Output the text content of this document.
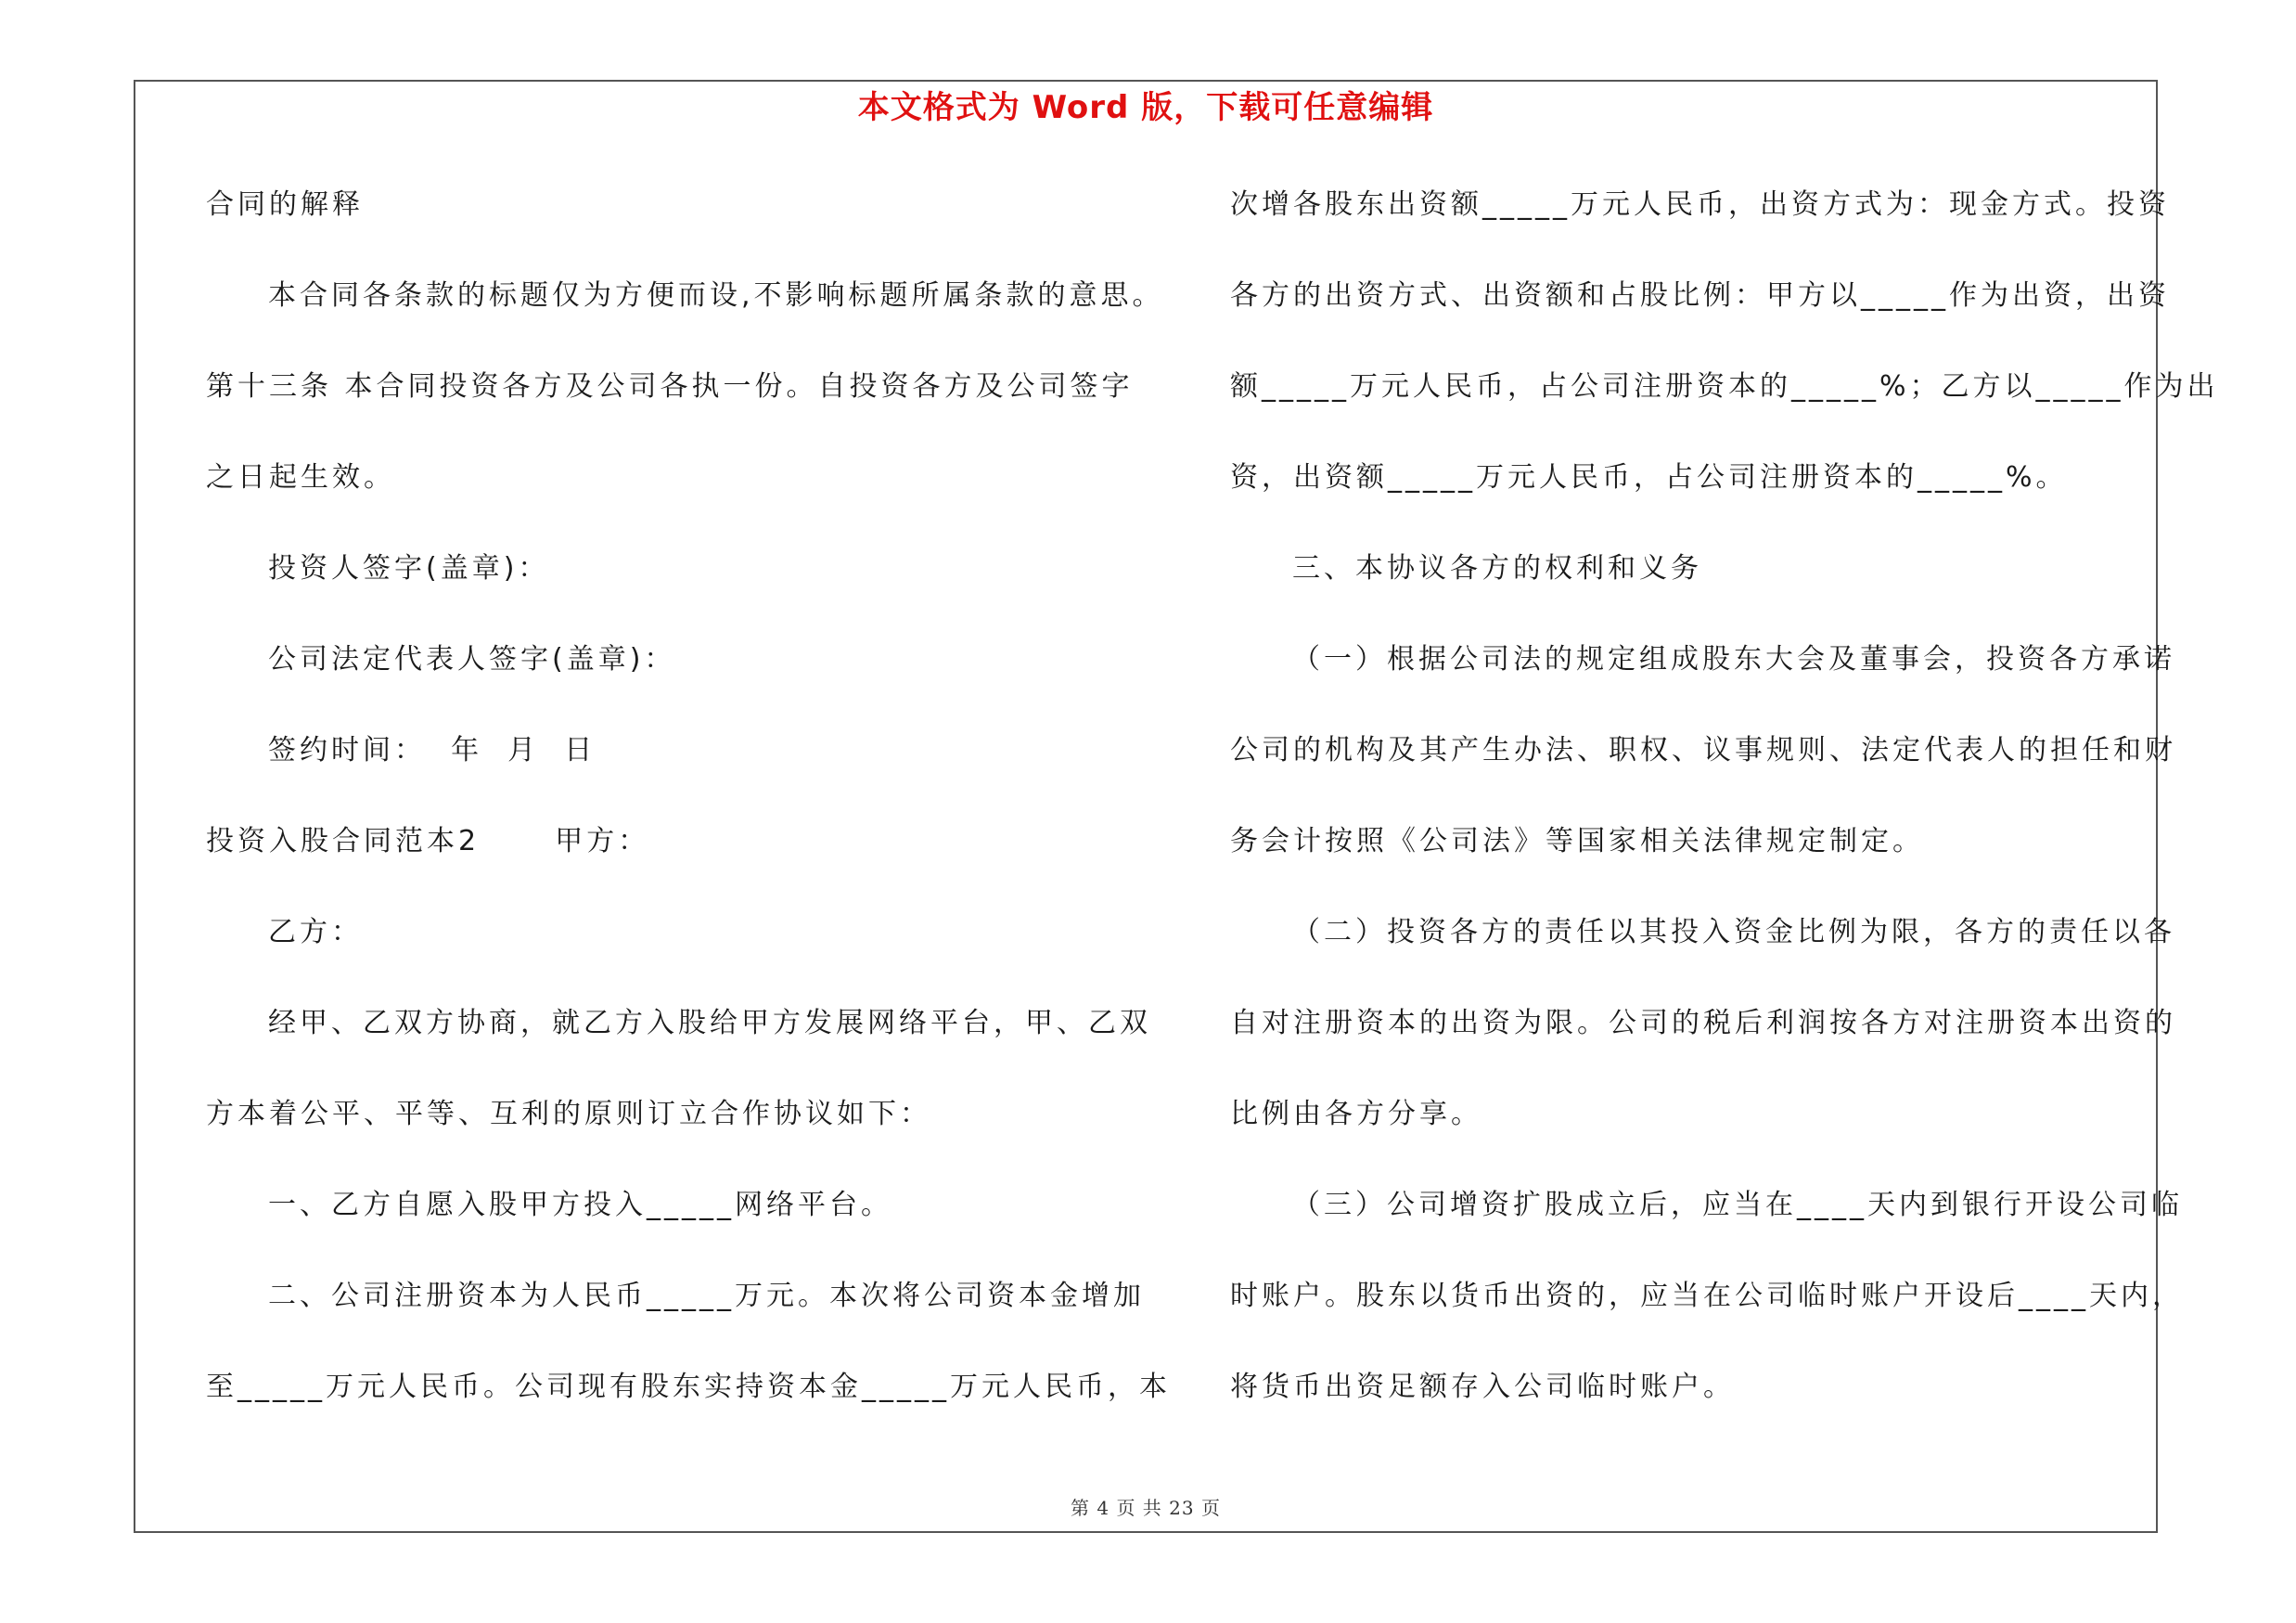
本文格式为 Word 版，下载可任意编辑
合同的解释
本合同各条款的标题仅为方便而设,不影响标题所属条款的意思。
第十三条 本合同投资各方及公司各执一份。自投资各方及公司签字
之日起生效。
投资人签字(盖章)：
公司法定代表人签字(盖章)：
签约时间：  年  月  日
投资入股合同范本2      甲方：
乙方：
经甲、乙双方协商，就乙方入股给甲方发展网络平台，甲、乙双
方本着公平、平等、互利的原则订立合作协议如下：
一、乙方自愿入股甲方投入_____网络平台。
二、公司注册资本为人民币_____万元。本次将公司资本金增加
至_____万元人民币。公司现有股东实持资本金_____万元人民币，本
次增各股东出资额_____万元人民币，出资方式为：现金方式。投资
各方的出资方式、出资额和占股比例：甲方以_____作为出资，出资
额_____万元人民币，占公司注册资本的_____%；乙方以_____作为出
资，出资额_____万元人民币，占公司注册资本的_____%。
三、本协议各方的权利和义务
（一）根据公司法的规定组成股东大会及董事会，投资各方承诺
公司的机构及其产生办法、职权、议事规则、法定代表人的担任和财
务会计按照《公司法》等国家相关法律规定制定。
（二）投资各方的责任以其投入资金比例为限，各方的责任以各
自对注册资本的出资为限。公司的税后利润按各方对注册资本出资的
比例由各方分享。
（三）公司增资扩股成立后，应当在____天内到银行开设公司临
时账户。股东以货币出资的，应当在公司临时账户开设后____天内，
将货币出资足额存入公司临时账户。
第 4 页 共 23 页
